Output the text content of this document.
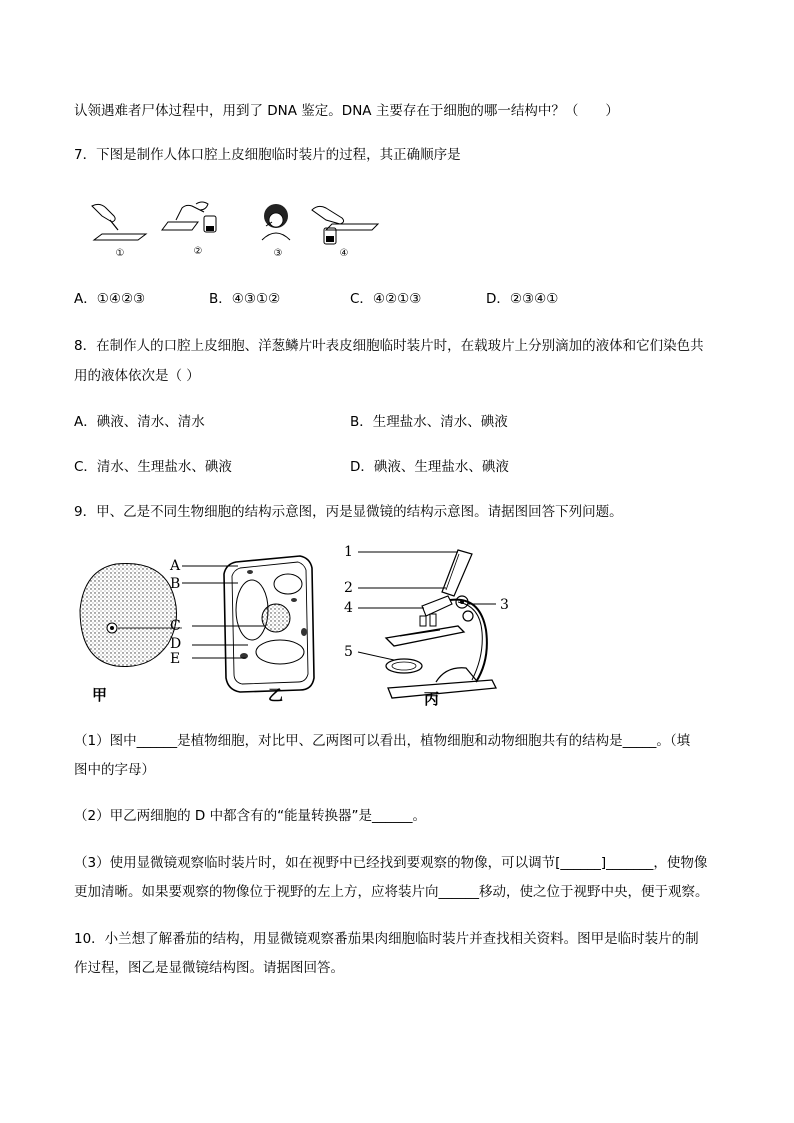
认领遇难者尸体过程中，用到了 DNA 鉴定。DNA 主要存在于细胞的哪一结构中？（　　）
7．下图是制作人体口腔上皮细胞临时装片的过程，其正确顺序是
①	②	③	④
A．①④②③	B．④③①②	C．④②①③	D．②③④①
8．在制作人的口腔上皮细胞、洋葱鳞片叶表皮细胞临时装片时，在载玻片上分别滴加的液体和它们染色共
用的液体依次是（ ）
A．碘液、清水、清水	B．生理盐水、清水、碘液
C．清水、生理盐水、碘液	D．碘液、生理盐水、碘液
9．甲、乙是不同生物细胞的结构示意图，丙是显微镜的结构示意图。请据图回答下列问题。
A
B
C
D
E
甲	乙
1
2
3
4
5
丙
（1）图中______是植物细胞，对比甲、乙两图可以看出，植物细胞和动物细胞共有的结构是_____。（填
图中的字母）
（2）甲乙两细胞的 D 中都含有的“能量转换器”是______。
（3）使用显微镜观察临时装片时，如在视野中已经找到要观察的物像，可以调节[______]_______，使物像
更加清晰。如果要观察的物像位于视野的左上方，应将装片向______移动，使之位于视野中央，便于观察。
10．小兰想了解番茄的结构，用显微镜观察番茄果肉细胞临时装片并查找相关资料。图甲是临时装片的制
作过程，图乙是显微镜结构图。请据图回答。
